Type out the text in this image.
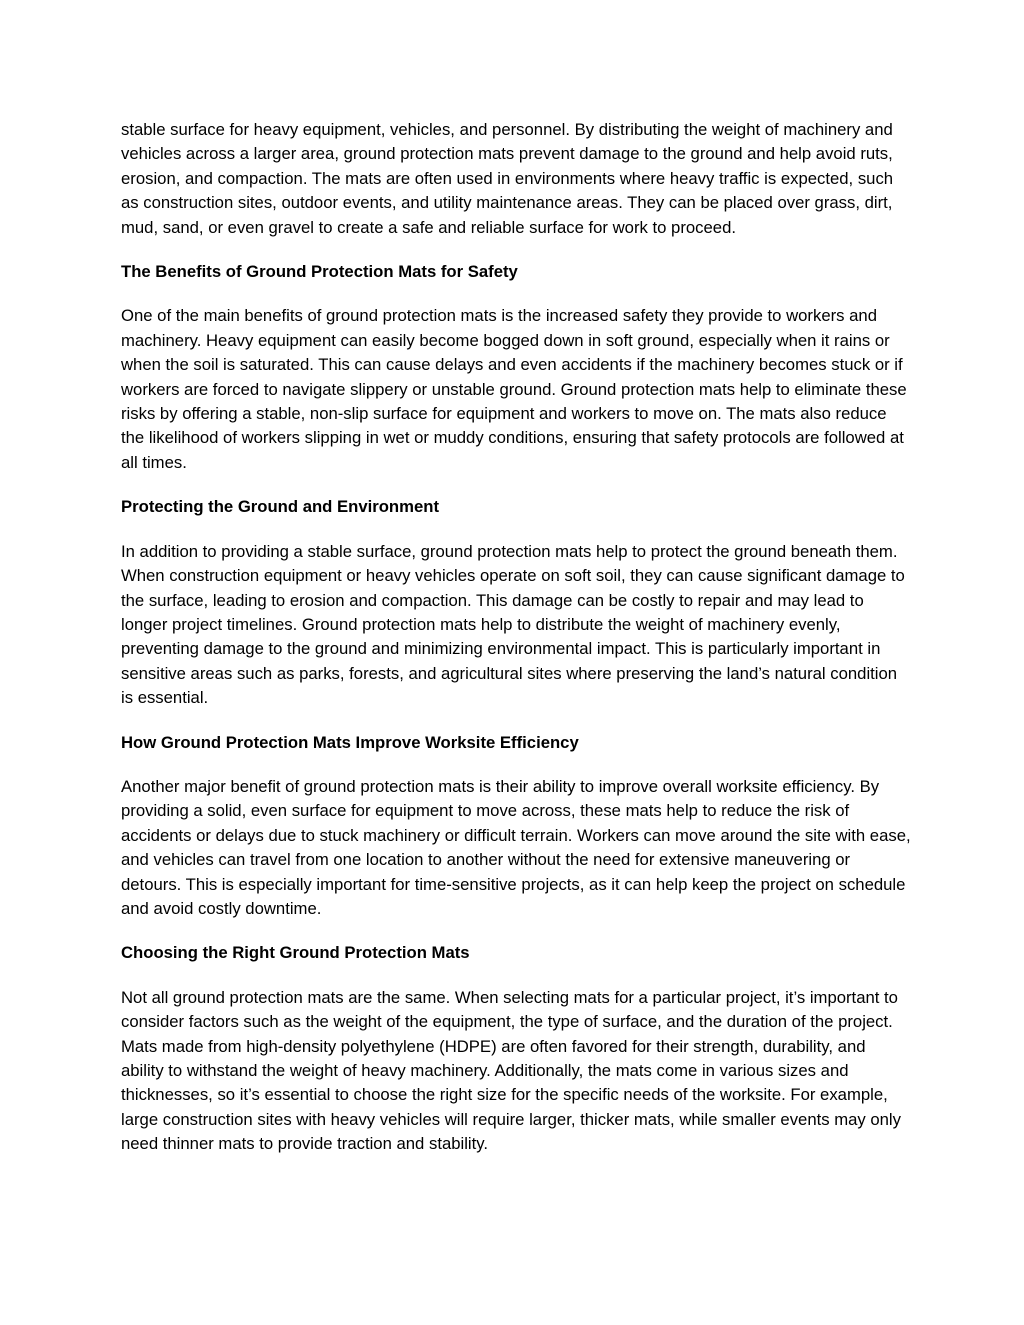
stable surface for heavy equipment, vehicles, and personnel. By distributing the weight of machinery and vehicles across a larger area, ground protection mats prevent damage to the ground and help avoid ruts, erosion, and compaction. The mats are often used in environments where heavy traffic is expected, such as construction sites, outdoor events, and utility maintenance areas. They can be placed over grass, dirt, mud, sand, or even gravel to create a safe and reliable surface for work to proceed.

The Benefits of Ground Protection Mats for Safety

One of the main benefits of ground protection mats is the increased safety they provide to workers and machinery. Heavy equipment can easily become bogged down in soft ground, especially when it rains or when the soil is saturated. This can cause delays and even accidents if the machinery becomes stuck or if workers are forced to navigate slippery or unstable ground. Ground protection mats help to eliminate these risks by offering a stable, non-slip surface for equipment and workers to move on. The mats also reduce the likelihood of workers slipping in wet or muddy conditions, ensuring that safety protocols are followed at all times.

Protecting the Ground and Environment

In addition to providing a stable surface, ground protection mats help to protect the ground beneath them. When construction equipment or heavy vehicles operate on soft soil, they can cause significant damage to the surface, leading to erosion and compaction. This damage can be costly to repair and may lead to longer project timelines. Ground protection mats help to distribute the weight of machinery evenly, preventing damage to the ground and minimizing environmental impact. This is particularly important in sensitive areas such as parks, forests, and agricultural sites where preserving the land’s natural condition is essential.

How Ground Protection Mats Improve Worksite Efficiency

Another major benefit of ground protection mats is their ability to improve overall worksite efficiency. By providing a solid, even surface for equipment to move across, these mats help to reduce the risk of accidents or delays due to stuck machinery or difficult terrain. Workers can move around the site with ease, and vehicles can travel from one location to another without the need for extensive maneuvering or detours. This is especially important for time-sensitive projects, as it can help keep the project on schedule and avoid costly downtime.

Choosing the Right Ground Protection Mats

Not all ground protection mats are the same. When selecting mats for a particular project, it’s important to consider factors such as the weight of the equipment, the type of surface, and the duration of the project. Mats made from high-density polyethylene (HDPE) are often favored for their strength, durability, and ability to withstand the weight of heavy machinery. Additionally, the mats come in various sizes and thicknesses, so it’s essential to choose the right size for the specific needs of the worksite. For example, large construction sites with heavy vehicles will require larger, thicker mats, while smaller events may only need thinner mats to provide traction and stability.
